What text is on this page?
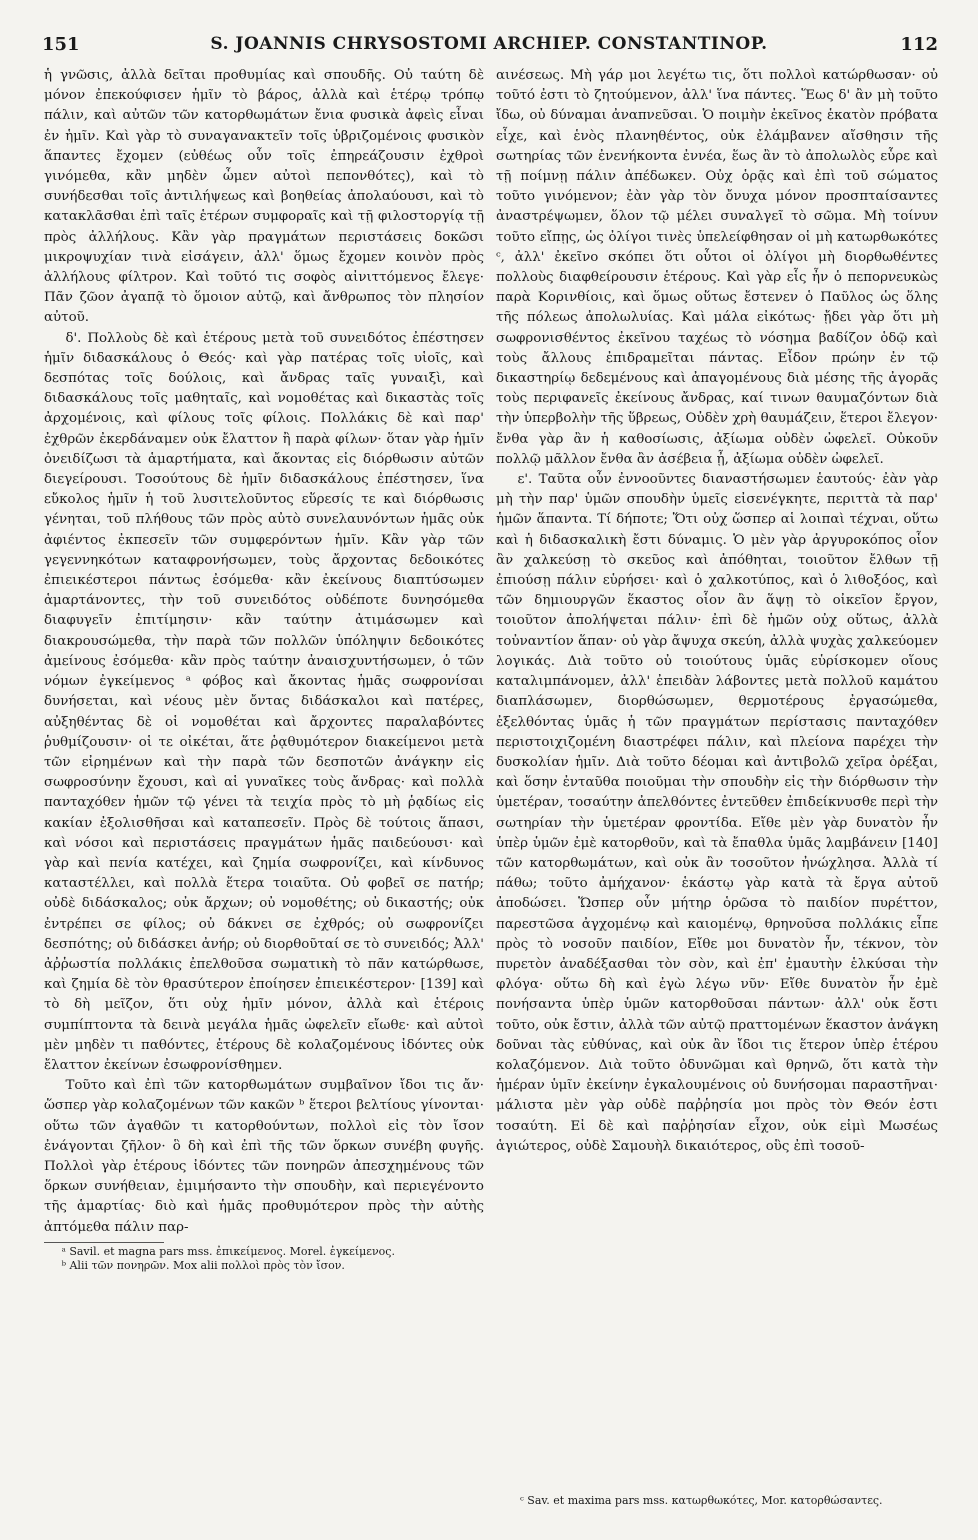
151	S. JOANNIS CHRYSOSTOMI ARCHIEP. CONSTANTINOP.	112

ἡ γνῶσις, ἀλλὰ δεῖται προθυμίας καὶ σπουδῆς. Οὐ ταύτη δὲ μόνον ἐπεκούφισεν ἡμῖν τὸ βάρος, ἀλλὰ καὶ ἑτέρῳ τρόπῳ πάλιν, καὶ αὐτῶν τῶν κατορθωμάτων ἔνια φυσικὰ ἀφεὶς εἶναι ἐν ἡμῖν. Καὶ γὰρ τὸ συναγανακτεῖν τοῖς ὑβριζομένοις φυσικὸν ἅπαντες ἔχομεν (εὐθέως οὖν τοῖς ἐπηρεάζουσιν ἐχθροὶ γινόμεθα, κἂν μηδὲν ὦμεν αὐτοὶ πεπονθότες), καὶ τὸ συνήδεσθαι τοῖς ἀντιλήψεως καὶ βοηθείας ἀπολαύουσι, καὶ τὸ κατακλᾶσθαι ἐπὶ ταῖς ἑτέρων συμφοραῖς καὶ τῇ φιλοστοργίᾳ τῇ πρὸς ἀλλήλους. Κἂν γὰρ πραγμάτων περιστάσεις δοκῶσι μικροψυχίαν τινὰ εἰσάγειν, ἀλλ' ὅμως ἔχομεν κοινὸν πρὸς ἀλλήλους φίλτρον. Καὶ τοῦτό τις σοφὸς αἰνιττόμενος ἔλεγε· Πᾶν ζῶον ἀγαπᾷ τὸ ὅμοιον αὐτῷ, καὶ ἄνθρωπος τὸν πλησίον αὐτοῦ.

δ'. Πολλοὺς δὲ καὶ ἑτέρους μετὰ τοῦ συνειδότος ἐπέστησεν ἡμῖν διδασκάλους ὁ Θεός· καὶ γὰρ πατέρας τοῖς υἱοῖς, καὶ δεσπότας τοῖς δούλοις, καὶ ἄνδρας ταῖς γυναιξὶ, καὶ διδασκάλους τοῖς μαθηταῖς, καὶ νομοθέτας καὶ δικαστὰς τοῖς ἀρχομένοις, καὶ φίλους τοῖς φίλοις. Πολλάκις δὲ καὶ παρ' ἐχθρῶν ἐκερδάναμεν οὐκ ἔλαττον ἢ παρὰ φίλων· ὅταν γὰρ ἡμῖν ὀνειδίζωσι τὰ ἁμαρτήματα, καὶ ἄκοντας εἰς διόρθωσιν αὐτῶν διεγείρουσι. Τοσούτους δὲ ἡμῖν διδασκάλους ἐπέστησεν, ἵνα εὔκολος ἡμῖν ἡ τοῦ λυσιτελοῦντος εὕρεσίς τε καὶ διόρθωσις γένηται, τοῦ πλήθους τῶν πρὸς αὐτὸ συνελαυνόντων ἡμᾶς οὐκ ἀφιέντος ἐκπεσεῖν τῶν συμφερόντων ἡμῖν. Κἂν γὰρ τῶν γεγεννηκότων καταφρονήσωμεν, τοὺς ἄρχοντας δεδοικότες ἐπιεικέστεροι πάντως ἐσόμεθα· κἂν ἐκείνους διαπτύσωμεν ἁμαρτάνοντες, τὴν τοῦ συνειδότος οὐδέποτε δυνησόμεθα διαφυγεῖν ἐπιτίμησιν· κἂν ταύτην ἀτιμάσωμεν καὶ διακρουσώμεθα, τὴν παρὰ τῶν πολλῶν ὑπόληψιν δεδοικότες ἀμείνους ἐσόμεθα· κἂν πρὸς ταύτην ἀναισχυντήσωμεν, ὁ τῶν νόμων ἐγκείμενος ᵃ φόβος καὶ ἄκοντας ἡμᾶς σωφρονίσαι δυνήσεται, καὶ νέους μὲν ὄντας διδάσκαλοι καὶ πατέρες, αὐξηθέντας δὲ οἱ νομοθέται καὶ ἄρχοντες παραλαβόντες ῥυθμίζουσιν· οἱ τε οἰκέται, ἅτε ῥᾳθυμότερον διακείμενοι μετὰ τῶν εἰρημένων καὶ τὴν παρὰ τῶν δεσποτῶν ἀνάγκην εἰς σωφροσύνην ἔχουσι, καὶ αἱ γυναῖκες τοὺς ἄνδρας· καὶ πολλὰ πανταχόθεν ἡμῶν τῷ γένει τὰ τειχία πρὸς τὸ μὴ ῥᾳδίως εἰς κακίαν ἐξολισθῆσαι καὶ καταπεσεῖν. Πρὸς δὲ τούτοις ἅπασι, καὶ νόσοι καὶ περιστάσεις πραγμάτων ἡμᾶς παιδεύουσι· καὶ γὰρ καὶ πενία κατέχει, καὶ ζημία σωφρονίζει, καὶ κίνδυνος καταστέλλει, καὶ πολλὰ ἕτερα τοιαῦτα. Οὐ φοβεῖ σε πατήρ; οὐδὲ διδάσκαλος; οὐκ ἄρχων; οὐ νομοθέτης; οὐ δικαστής; οὐκ ἐντρέπει σε φίλος; οὐ δάκνει σε ἐχθρός; οὐ σωφρονίζει δεσπότης; οὐ διδάσκει ἀνήρ; οὐ διορθοῦταί σε τὸ συνειδός; Ἀλλ' ἀῤῥωστία πολλάκις ἐπελθοῦσα σωματικὴ τὸ πᾶν κατώρθωσε, καὶ ζημία δὲ τὸν θρασύτερον ἐποίησεν ἐπιεικέστερον· [139] καὶ τὸ δὴ μεῖζον, ὅτι οὐχ ἡμῖν μόνον, ἀλλὰ καὶ ἑτέροις συμπίπτοντα τὰ δεινὰ μεγάλα ἡμᾶς ὠφελεῖν εἴωθε· καὶ αὐτοὶ μὲν μηδὲν τι παθόντες, ἑτέρους δὲ κολαζομένους ἰδόντες οὐκ ἔλαττον ἐκείνων ἐσωφρονίσθημεν.

Τοῦτο καὶ ἐπὶ τῶν κατορθωμάτων συμβαῖνον ἴδοι τις ἄν· ὥσπερ γὰρ κολαζομένων τῶν κακῶν ᵇ ἕτεροι βελτίους γίνονται· οὕτω τῶν ἀγαθῶν τι κατορθούντων, πολλοὶ εἰς τὸν ἴσον ἐνάγονται ζῆλον· ὃ δὴ καὶ ἐπὶ τῆς τῶν ὅρκων συνέβη φυγῆς. Πολλοὶ γὰρ ἑτέρους ἰδόντες τῶν πονηρῶν ἀπεσχημένους τῶν ὅρκων συνήθειαν, ἐμιμήσαντο τὴν σπουδὴν, καὶ περιεγένοντο τῆς ἁμαρτίας· διὸ καὶ ἡμᾶς προθυμότερον πρὸς τὴν αὐτὴς ἀπτόμεθα πάλιν παρ-

ᵃ Savil. et magna pars mss. ἐπικείμενος. Morel. ἐγκείμενος.

ᵇ Alii τῶν πονηρῶν. Mox alii πολλοὶ πρὸς τὸν ἴσον.

αινέσεως. Μὴ γάρ μοι λεγέτω τις, ὅτι πολλοὶ κατώρθωσαν· οὐ τοῦτό ἐστι τὸ ζητούμενον, ἀλλ' ἵνα πάντες. Ἕως δ' ἂν μὴ τοῦτο ἴδω, οὐ δύναμαι ἀναπνεῦσαι. Ὁ ποιμὴν ἐκεῖνος ἑκατὸν πρόβατα εἶχε, καὶ ἑνὸς πλανηθέντος, οὐκ ἐλάμβανεν αἴσθησιν τῆς σωτηρίας τῶν ἐνενήκοντα ἐννέα, ἕως ἂν τὸ ἀπολωλὸς εὗρε καὶ τῇ ποίμνῃ πάλιν ἀπέδωκεν. Οὐχ ὁρᾷς καὶ ἐπὶ τοῦ σώματος τοῦτο γινόμενον; ἐὰν γὰρ τὸν ὄνυχα μόνον προσπταίσαντες ἀναστρέψωμεν, ὅλον τῷ μέλει συναλγεῖ τὸ σῶμα. Μὴ τοίνυν τοῦτο εἴπῃς, ὡς ὀλίγοι τινὲς ὑπελείφθησαν οἱ μὴ κατωρθωκότες ᶜ, ἀλλ' ἐκεῖνο σκόπει ὅτι οὗτοι οἱ ὀλίγοι μὴ διορθωθέντες πολλοὺς διαφθείρουσιν ἑτέρους. Καὶ γὰρ εἷς ἦν ὁ πεπορνευκὼς παρὰ Κορινθίοις, καὶ ὅμως οὕτως ἔστενεν ὁ Παῦλος ὡς ὅλης τῆς πόλεως ἀπολωλυίας. Καὶ μάλα εἰκότως· ᾔδει γὰρ ὅτι μὴ σωφρονισθέντος ἐκεῖνου ταχέως τὸ νόσημα βαδίζον ὁδῷ καὶ τοὺς ἄλλους ἐπιδραμεῖται πάντας. Εἶδον πρώην ἐν τῷ δικαστηρίῳ δεδεμένους καὶ ἀπαγομένους διὰ μέσης τῆς ἀγορᾶς τοὺς περιφανεῖς ἐκείνους ἄνδρας, καί τινων θαυμαζόντων διὰ τὴν ὑπερβολὴν τῆς ὕβρεως, Οὐδὲν χρὴ θαυμάζειν, ἕτεροι ἔλεγον· ἔνθα γὰρ ἂν ἡ καθοσίωσις, ἀξίωμα οὐδὲν ὠφελεῖ. Οὐκοῦν πολλῷ μᾶλλον ἔνθα ἂν ἀσέβεια ᾖ, ἀξίωμα οὐδὲν ὠφελεῖ.

ε'. Ταῦτα οὖν ἐννοοῦντες διαναστήσωμεν ἑαυτούς· ἐὰν γὰρ μὴ τὴν παρ' ὑμῶν σπουδὴν ὑμεῖς εἰσενέγκητε, περιττὰ τὰ παρ' ἡμῶν ἅπαντα. Τί δήποτε; Ὅτι οὐχ ὥσπερ αἱ λοιπαὶ τέχναι, οὕτω καὶ ἡ διδασκαλικὴ ἔστι δύναμις. Ὁ μὲν γὰρ ἀργυροκόπος οἷον ἂν χαλκεύσῃ τὸ σκεῦος καὶ ἀπόθηται, τοιοῦτον ἔλθων τῇ ἐπιούσῃ πάλιν εὑρήσει· καὶ ὁ χαλκοτύπος, καὶ ὁ λιθοξόος, καὶ τῶν δημιουργῶν ἕκαστος οἷον ἂν ἅψῃ τὸ οἰκεῖον ἔργον, τοιοῦτον ἀπολήψεται πάλιν· ἐπὶ δὲ ἡμῶν οὐχ οὕτως, ἀλλὰ τοὐναντίον ἅπαν· οὐ γὰρ ἄψυχα σκεύη, ἀλλὰ ψυχὰς χαλκεύομεν λογικάς. Διὰ τοῦτο οὐ τοιούτους ὑμᾶς εὑρίσκομεν οἵους καταλιμπάνομεν, ἀλλ' ἐπειδὰν λάβοντες μετὰ πολλοῦ καμάτου διαπλάσωμεν, διορθώσωμεν, θερμοτέρους ἐργασώμεθα, ἐξελθόντας ὑμᾶς ἡ τῶν πραγμάτων περίστασις πανταχόθεν περιστοιχιζομένη διαστρέφει πάλιν, καὶ πλείονα παρέχει τὴν δυσκολίαν ἡμῖν. Διὰ τοῦτο δέομαι καὶ ἀντιβολῶ χεῖρα ὀρέξαι, καὶ ὅσην ἐνταῦθα ποιοῦμαι τὴν σπουδὴν εἰς τὴν διόρθωσιν τὴν ὑμετέραν, τοσαύτην ἀπελθόντες ἐντεῦθεν ἐπιδείκνυσθε περὶ τὴν σωτηρίαν τὴν ὑμετέραν φροντίδα. Εἴθε μὲν γὰρ δυνατὸν ἦν ὑπὲρ ὑμῶν ἐμὲ κατορθοῦν, καὶ τὰ ἔπαθλα ὑμᾶς λαμβάνειν [140] τῶν κατορθωμάτων, καὶ οὐκ ἂν τοσοῦτον ἠνώχλησα. Ἀλλὰ τί πάθω; τοῦτο ἀμήχανον· ἑκάστῳ γὰρ κατὰ τὰ ἔργα αὐτοῦ ἀποδώσει. Ὥσπερ οὖν μήτηρ ὁρῶσα τὸ παιδίον πυρέττον, παρεστῶσα ἀγχομένῳ καὶ καιομένῳ, θρηνοῦσα πολλάκις εἶπε πρὸς τὸ νοσοῦν παιδίον, Εἴθε μοι δυνατὸν ἦν, τέκνον, τὸν πυρετὸν ἀναδέξασθαι τὸν σὸν, καὶ ἐπ' ἐμαυτὴν ἑλκύσαι τὴν φλόγα· οὕτω δὴ καὶ ἐγὼ λέγω νῦν· Εἴθε δυνατὸν ἦν ἐμὲ πονήσαντα ὑπὲρ ὑμῶν κατορθοῦσαι πάντων· ἀλλ' οὐκ ἔστι τοῦτο, οὐκ ἔστιν, ἀλλὰ τῶν αὐτῷ πραττομένων ἕκαστον ἀνάγκη δοῦναι τὰς εὐθύνας, καὶ οὐκ ἂν ἴδοι τις ἕτερον ὑπὲρ ἑτέρου κολαζόμενον. Διὰ τοῦτο ὀδυνῶμαι καὶ θρηνῶ, ὅτι κατὰ τὴν ἡμέραν ὑμῖν ἐκείνην ἐγκαλουμένοις οὐ δυνήσομαι παραστῆναι· μάλιστα μὲν γὰρ οὐδὲ παῤῥησία μοι πρὸς τὸν Θεόν ἐστι τοσαύτη. Εἰ δὲ καὶ παῤῥησίαν εἶχον, οὐκ εἰμὶ Μωσέως ἁγιώτερος, οὐδὲ Σαμουὴλ δικαιότερος, οὓς ἐπὶ τοσοῦ-

ᶜ Sav. et maxima pars mss. κατωρθωκότες, Mor. κατορθώσαντες.
